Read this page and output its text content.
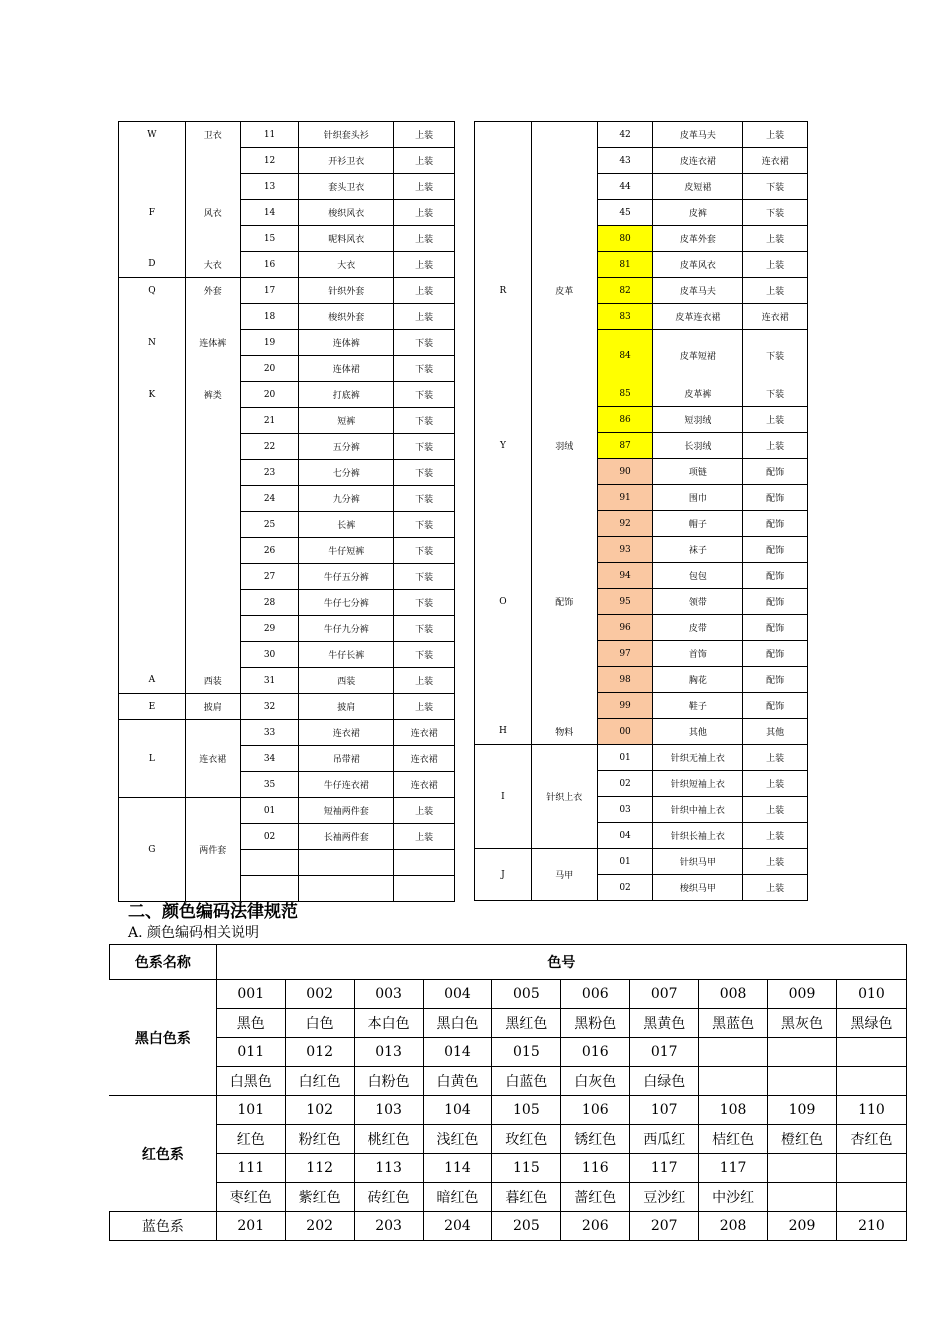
W	卫衣	11	针织套头衫	上装
		12	开衫卫衣	上装
		13	套头卫衣	上装
F	风衣	14	梭织风衣	上装
		15	呢料风衣	上装
D	大衣	16	大衣	上装
Q	外套	17	针织外套	上装
		18	梭织外套	上装
N	连体裤	19	连体裤	下装
		20	连体裙	下装
K	裤类	20	打底裤	下装
		21	短裤	下装
		22	五分裤	下装
		23	七分裤	下装
		24	九分裤	下装
		25	长裤	下装
		26	牛仔短裤	下装
		27	牛仔五分裤	下装
		28	牛仔七分裤	下装
		29	牛仔九分裤	下装
		30	牛仔长裤	下装
A	西装	31	西装	上装
E	披肩	32	披肩	上装
L	连衣裙	33	连衣裙	连衣裙
		34	吊带裙	连衣裙
		35	牛仔连衣裙	连衣裙
G	两件套	01	短袖两件套	上装
		02	长袖两件套	上装

		42	皮革马夫	上装
		43	皮连衣裙	连衣裙
		44	皮短裙	下装
		45	皮裤	下装
		80	皮革外套	上装
		81	皮革风衣	上装
R	皮革	82	皮革马夫	上装
		83	皮革连衣裙	连衣裙
		84	皮革短裙	下装
		85	皮革裤	下装
		86	短羽绒	上装
Y	羽绒	87	长羽绒	上装
		90	项链	配饰
		91	围巾	配饰
		92	帽子	配饰
		93	袜子	配饰
		94	包包	配饰
O	配饰	95	领带	配饰
		96	皮带	配饰
		97	首饰	配饰
		98	胸花	配饰
		99	鞋子	配饰
H	物料	00	其他	其他
I	针织上衣	01	针织无袖上衣	上装
		02	针织短袖上衣	上装
		03	针织中袖上衣	上装
		04	针织长袖上衣	上装
J	马甲	01	针织马甲	上装
		02	梭织马甲	上装
二、颜色编码法律规范
A. 颜色编码相关说明
色系名称	色号									
黑白色系	001	002	003	004	005	006	007	008	009	010
	黑色	白色	本白色	黑白色	黑红色	黑粉色	黑黄色	黑蓝色	黑灰色	黑绿色
	011	012	013	014	015	016	017			
	白黑色	白红色	白粉色	白黄色	白蓝色	白灰色	白绿色			
红色系	101	102	103	104	105	106	107	108	109	110
	红色	粉红色	桃红色	浅红色	玫红色	锈红色	西瓜红	桔红色	橙红色	杏红色
	111	112	113	114	115	116	117	117		
	枣红色	紫红色	砖红色	暗红色	暮红色	蔷红色	豆沙红	中沙红		
蓝色系	201	202	203	204	205	206	207	208	209	210
